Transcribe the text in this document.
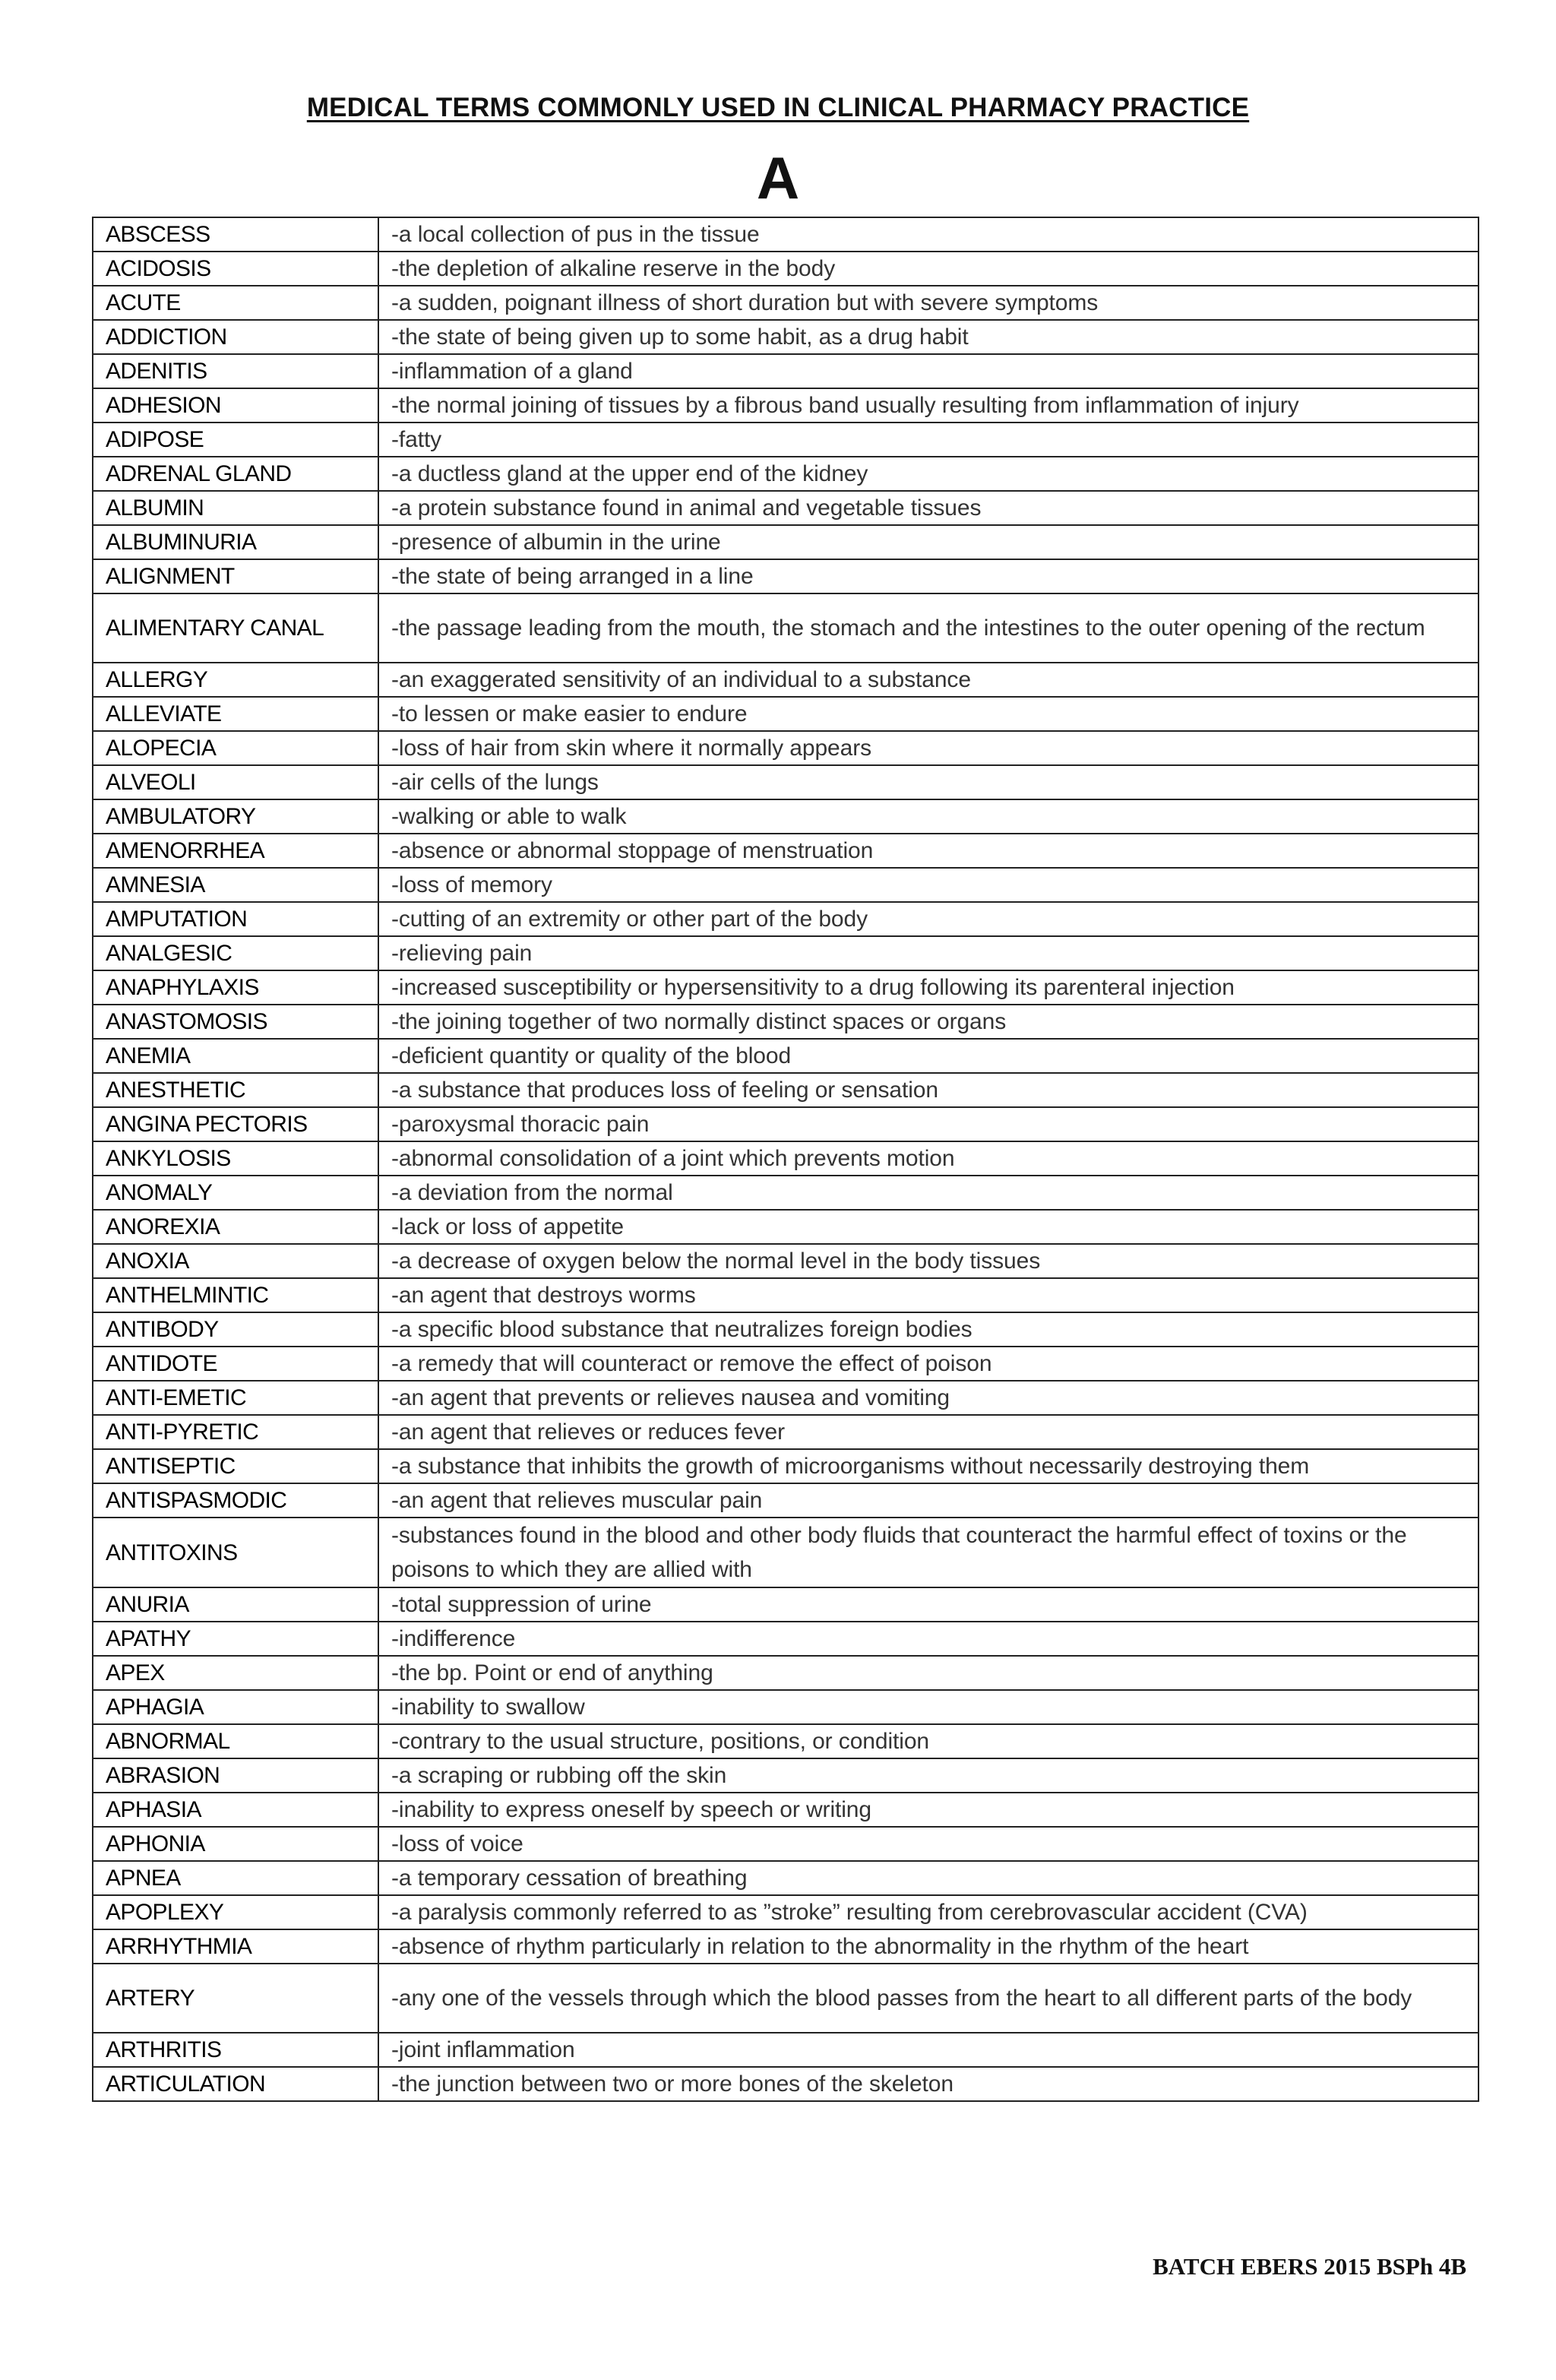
MEDICAL TERMS COMMONLY USED IN CLINICAL PHARMACY PRACTICE
A
ABSCESS	-a local collection of pus in the tissue
ACIDOSIS	-the depletion of alkaline reserve in the body
ACUTE	-a sudden, poignant illness of short duration but with severe symptoms
ADDICTION	-the state of being given up to some habit, as a drug habit
ADENITIS	-inflammation of a gland
ADHESION	-the normal joining of tissues by a fibrous band usually resulting from inflammation of injury
ADIPOSE	-fatty
ADRENAL GLAND	-a ductless gland at the upper end of the kidney
ALBUMIN	-a protein substance found in animal and vegetable tissues
ALBUMINURIA	-presence of albumin in the urine
ALIGNMENT	-the state of being arranged in a line
ALIMENTARY CANAL	-the passage leading from the mouth, the stomach and the intestines to the outer opening of the rectum
ALLERGY	-an exaggerated sensitivity of an individual to a substance
ALLEVIATE	-to lessen or make easier to endure
ALOPECIA	-loss of hair from skin where it normally appears
ALVEOLI	-air cells of the lungs
AMBULATORY	-walking or able to walk
AMENORRHEA	-absence or abnormal stoppage of menstruation
AMNESIA	-loss of memory
AMPUTATION	-cutting of an extremity or other part of the body
ANALGESIC	-relieving pain
ANAPHYLAXIS	-increased susceptibility or hypersensitivity to a drug following its parenteral injection
ANASTOMOSIS	-the joining together of two normally distinct spaces or organs
ANEMIA	-deficient quantity or quality of the blood
ANESTHETIC	-a substance that produces loss of feeling or sensation
ANGINA PECTORIS	-paroxysmal thoracic pain
ANKYLOSIS	-abnormal consolidation of a joint which prevents motion
ANOMALY	-a deviation from the normal
ANOREXIA	-lack or loss of appetite
ANOXIA	-a decrease of oxygen below the normal level in the body tissues
ANTHELMINTIC	-an agent that destroys worms
ANTIBODY	-a specific blood substance that neutralizes foreign bodies
ANTIDOTE	-a remedy that will counteract or remove the effect of poison
ANTI-EMETIC	-an agent that prevents or relieves nausea and vomiting
ANTI-PYRETIC	-an agent that relieves or reduces fever
ANTISEPTIC	-a substance that inhibits the growth of microorganisms without necessarily destroying them
ANTISPASMODIC	-an agent that relieves muscular pain
ANTITOXINS	-substances found in the blood and other body fluids that counteract the harmful effect of toxins or the poisons to which they are allied with
ANURIA	-total suppression of urine
APATHY	-indifference
APEX	-the bp. Point or end of anything
APHAGIA	-inability to swallow
ABNORMAL	-contrary to the usual structure, positions, or condition
ABRASION	-a scraping or rubbing off the skin
APHASIA	-inability to express oneself by speech or writing
APHONIA	-loss of voice
APNEA	-a temporary cessation of breathing
APOPLEXY	-a paralysis commonly referred to as ”stroke” resulting from cerebrovascular accident (CVA)
ARRHYTHMIA	-absence of rhythm particularly in relation to the abnormality in the rhythm of the heart
ARTERY	-any one of the vessels through which the blood passes from the heart to all different parts of the body
ARTHRITIS	-joint inflammation
ARTICULATION	-the junction between two or more bones of the skeleton
BATCH EBERS 2015 BSPh 4B
